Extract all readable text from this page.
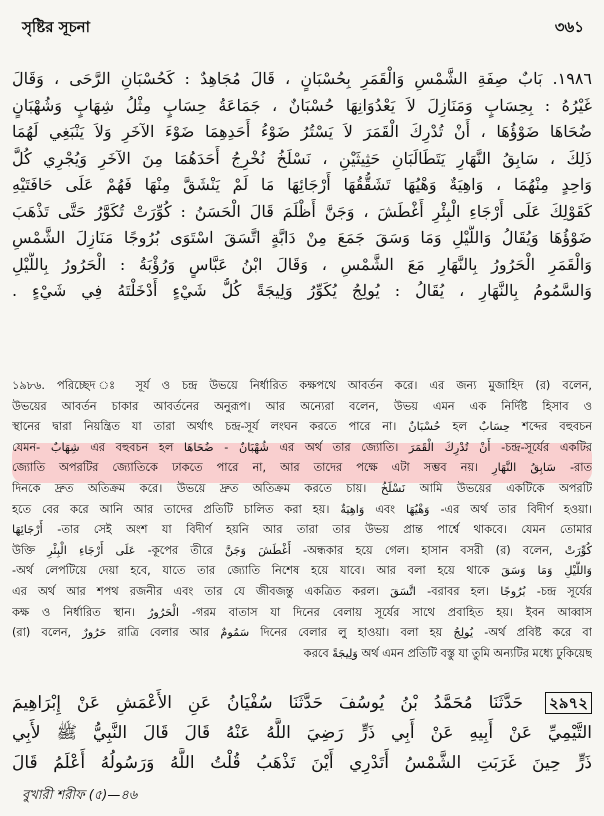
সৃষ্টির সূচনা	৩৬১
١٩٨٦. بَابٌ صِفَةِ الشَّمْسِ وَالْقَمَرِ بِحُسْبَانٍ ، قَالَ مُجَاهِدٌ : كَحُسْبَانِ الرَّحَى ، وَقَالَ
غَيْرُهُ : بِحِسَابٍ وَمَنَازِلَ لاَ يَعْدُوَانِهَا حُسْبَانٌ ، جَمَاعَةُ حِسَابٍ مِثْلُ شِهَابٍ وَشُهْبَانٍ
ضُحَاهَا ضَوْؤُهَا ، أَنْ تُدْرِكَ الْقَمَرَ لاَ يَسْتُرُ ضَوْءُ أَحَدِهِمَا ضَوْءَ الآخَرِ وَلاَ يَنْبَغِي لَهُمَا
ذَلِكَ ، سَابِقُ النَّهَارِ يَتَطَالَبَانِ حَثِيثَيْنِ ، نَسْلَخُ نُخْرِجُ أَحَدَهُمَا مِنَ الآخَرِ وَيُجْرِي كُلَّ
وَاحِدٍ مِنْهُمَا ، وَاهِيَةٌ وَهْيُهَا تَشَقُّقُهَا أَرْجَائِهَا مَا لَمْ يَنْشَقَّ مِنْهَا فَهُمْ عَلَى حَافَتَيْهِ
كَقَوْلِكَ عَلَى أَرْجَاءِ الْبِئْرِ أَغْطَشَ ، وَجَنَّ أَظْلَمَ قَالَ الْحَسَنُ : كُوِّرَتْ تُكَوَّرُ حَتَّى تَذْهَبَ
ضَوْؤُهَا وَيُقَالُ وَاللَّيْلِ وَمَا وَسَقَ جَمَعَ مِنْ دَابَّةٍ اتَّسَقَ اسْتَوَى بُرُوجًا مَنَازِلَ الشَّمْسِ
وَالْقَمَرِ الْحَرُورُ بِالنَّهَارِ مَعَ الشَّمْسِ ، وَقَالَ ابْنُ عَبَّاسٍ وَرُؤْبَةُ : الْحَرُورُ بِاللَّيْلِ
وَالسَّمُومُ بِالنَّهَارِ ، يُقَالُ : يُولِجُ يُكَوِّرُ وَلِيجَةً كُلُّ شَيْءٍ أَدْخَلْتَهُ فِي شَيْءٍ .
১৯৮৬. পরিচ্ছেদ ঃ সূর্য ও চন্দ্র উভয়ে নির্ধারিত কক্ষপথে আবর্তন করে। এর জন্য মুজাহিদ (র) বলেন,
উভয়ের আবর্তন চাকার আবর্তনের অনুরূপ। আর অন্যেরা বলেন, উভয় এমন এক নির্দিষ্ট হিসাব ও
স্থানের দ্বারা নিয়ন্ত্রিত যা তারা অর্থাৎ চন্দ্র-সূর্য লংঘন করতে পারে না। حُسْبَانٌ হল حِسَابٌ শব্দের বহুবচন
যেমন- شِهَابٌ এর বহুবচন হল شُهْبَانٌ - ضُحَاهَا এর অর্থ তার জ্যোতি। أَنْ تُدْرِكَ الْقَمَرَ -চন্দ্র-সূর্যের একটির
জ্যোতি অপরটির জ্যোতিকে ঢাকতে পারে না, আর তাদের পক্ষে এটা সম্ভব নয়। سَابِقُ النَّهَارِ -রাত
দিনকে দ্রুত অতিক্রম করে। উভয়ে দ্রুত অতিক্রম করতে চায়। نَسْلَخُ আমি উভয়ের একটিকে অপরটি
হতে বের করে আনি আর তাদের প্রতিটি চালিত করা হয়। وَاهِيَةٌ এবং وَهْيُهَا -এর অর্থ তার বিদীর্ণ হওয়া।
أَرْجَائِهَا -তার সেই অংশ যা বিদীর্ণ হয়নি আর তারা তার উভয় প্রান্ত পার্শ্বে থাকবে। যেমন তোমার
উক্তি عَلَى أَرْجَاءِ الْبِئْرِ -কূপের তীরে أَغْطَشَ وَجَنَّ -অন্ধকার হয়ে গেল। হাসান বসরী (র) বলেন, كُوِّرَتْ
-অর্থ লেপটিয়ে দেয়া হবে, যাতে তার জ্যোতি নিশেষ হয়ে যাবে। আর বলা হয়ে থাকে وَاللَّيْلِ وَمَا وَسَقَ
এর অর্থ আর শপথ রজনীর এবং তার যে জীবজন্তু একত্রিত করল। اتَّسَقَ -বরাবর হল। بُرُوجًا -চন্দ্র সূর্যের
কক্ষ ও নির্ধারিত স্থান। الْحَرُورُ -গরম বাতাস যা দিনের বেলায় সূর্যের সাথে প্রবাহিত হয়। ইবন আব্বাস
(রা) বলেন, حَرُورٌ রাত্রি বেলার আর سَمُومٌ দিনের বেলার লু হাওয়া। বলা হয় يُولِجُ -অর্থ প্রবিষ্ট করে বা
করবে وَلِيجَةً অর্থ এমন প্রতিটি বস্তু যা তুমি অন্যটির মধ্যে ঢুকিয়েছ
২৯৭২ حَدَّثَنَا مُحَمَّدُ بْنُ يُوسُفَ حَدَّثَنَا سُفْيَانُ عَنِ الأَعْمَشِ عَنْ إِبْرَاهِيمَ
التَّيْمِيِّ عَنْ أَبِيهِ عَنْ أَبِي ذَرٍّ رَضِيَ اللَّهُ عَنْهُ قَالَ قَالَ النَّبِيُّ ﷺ لأَبِي
ذَرٍّ حِينَ غَرَبَتِ الشَّمْسُ أَتَدْرِي أَيْنَ تَذْهَبُ قُلْتُ اللَّهُ وَرَسُولُهُ أَعْلَمُ قَالَ
বুখারী শরীফ (৫)—৪৬
